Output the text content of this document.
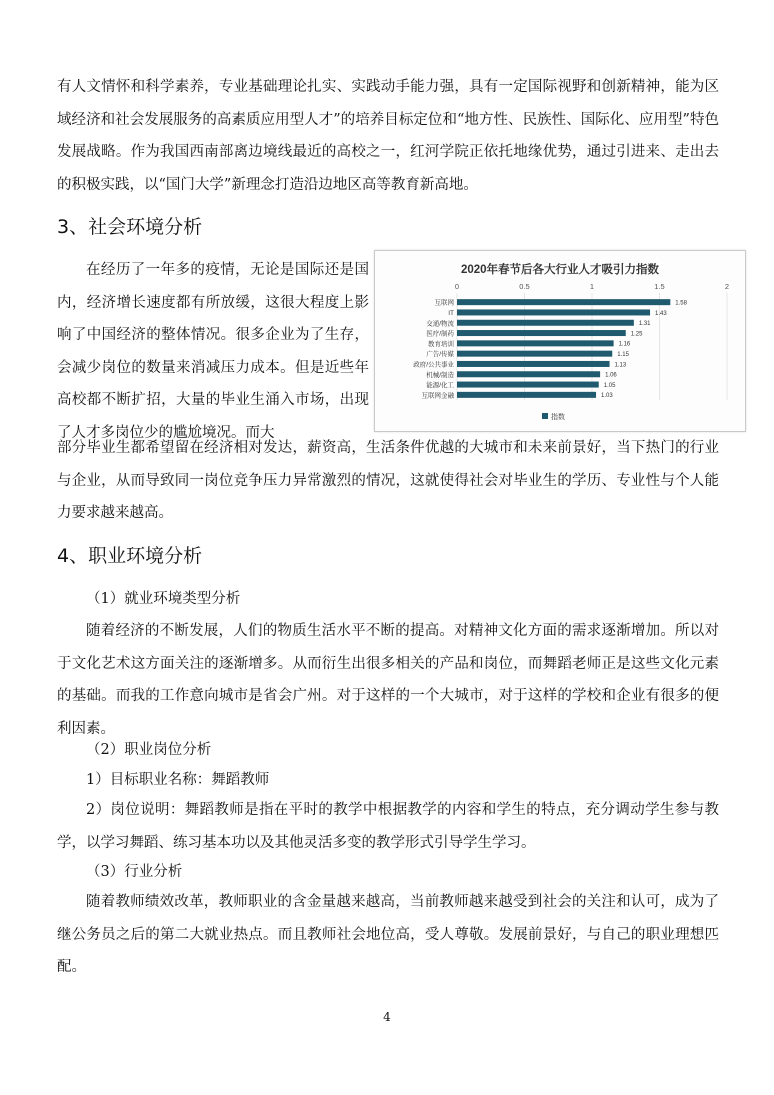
有人文情怀和科学素养，专业基础理论扎实、实践动手能力强，具有一定国际视野和创新精神，能为区域经济和社会发展服务的高素质应用型人才”的培养目标定位和“地方性、民族性、国际化、应用型”特色发展战略。作为我国西南部离边境线最近的高校之一，红河学院正依托地缘优势，通过引进来、走出去的积极实践，以“国门大学”新理念打造沿边地区高等教育新高地。

3、社会环境分析

在经历了一年多的疫情，无论是国际还是国内，经济增长速度都有所放缓，这很大程度上影响了中国经济的整体情况。很多企业为了生存，会减少岗位的数量来消减压力成本。但是近些年高校都不断扩招，大量的毕业生涌入市场，出现了人才多岗位少的尴尬境况。而大

2020年春节后各大行业人才吸引力指数
0	0.5	1	1.5	2
互联网	1.58
IT	1.43
交通/物流	1.31
医疗/制药	1.25
教育培训	1.16
广告/传媒	1.15
政府/公共事业	1.13
机械/制造	1.06
能源/化工	1.05
互联网金融	1.03
指数

部分毕业生都希望留在经济相对发达，薪资高，生活条件优越的大城市和未来前景好，当下热门的行业与企业，从而导致同一岗位竞争压力异常激烈的情况，这就使得社会对毕业生的学历、专业性与个人能力要求越来越高。

4、职业环境分析

（1）就业环境类型分析

随着经济的不断发展，人们的物质生活水平不断的提高。对精神文化方面的需求逐渐增加。所以对于文化艺术这方面关注的逐渐增多。从而衍生出很多相关的产品和岗位，而舞蹈老师正是这些文化元素的基础。而我的工作意向城市是省会广州。对于这样的一个大城市，对于这样的学校和企业有很多的便利因素。

（2）职业岗位分析

1）目标职业名称：舞蹈教师

2）岗位说明：舞蹈教师是指在平时的教学中根据教学的内容和学生的特点，充分调动学生参与教学，以学习舞蹈、练习基本功以及其他灵活多变的教学形式引导学生学习。

（3）行业分析

随着教师绩效改革，教师职业的含金量越来越高，当前教师越来越受到社会的关注和认可，成为了继公务员之后的第二大就业热点。而且教师社会地位高，受人尊敬。发展前景好，与自己的职业理想匹配。

4
